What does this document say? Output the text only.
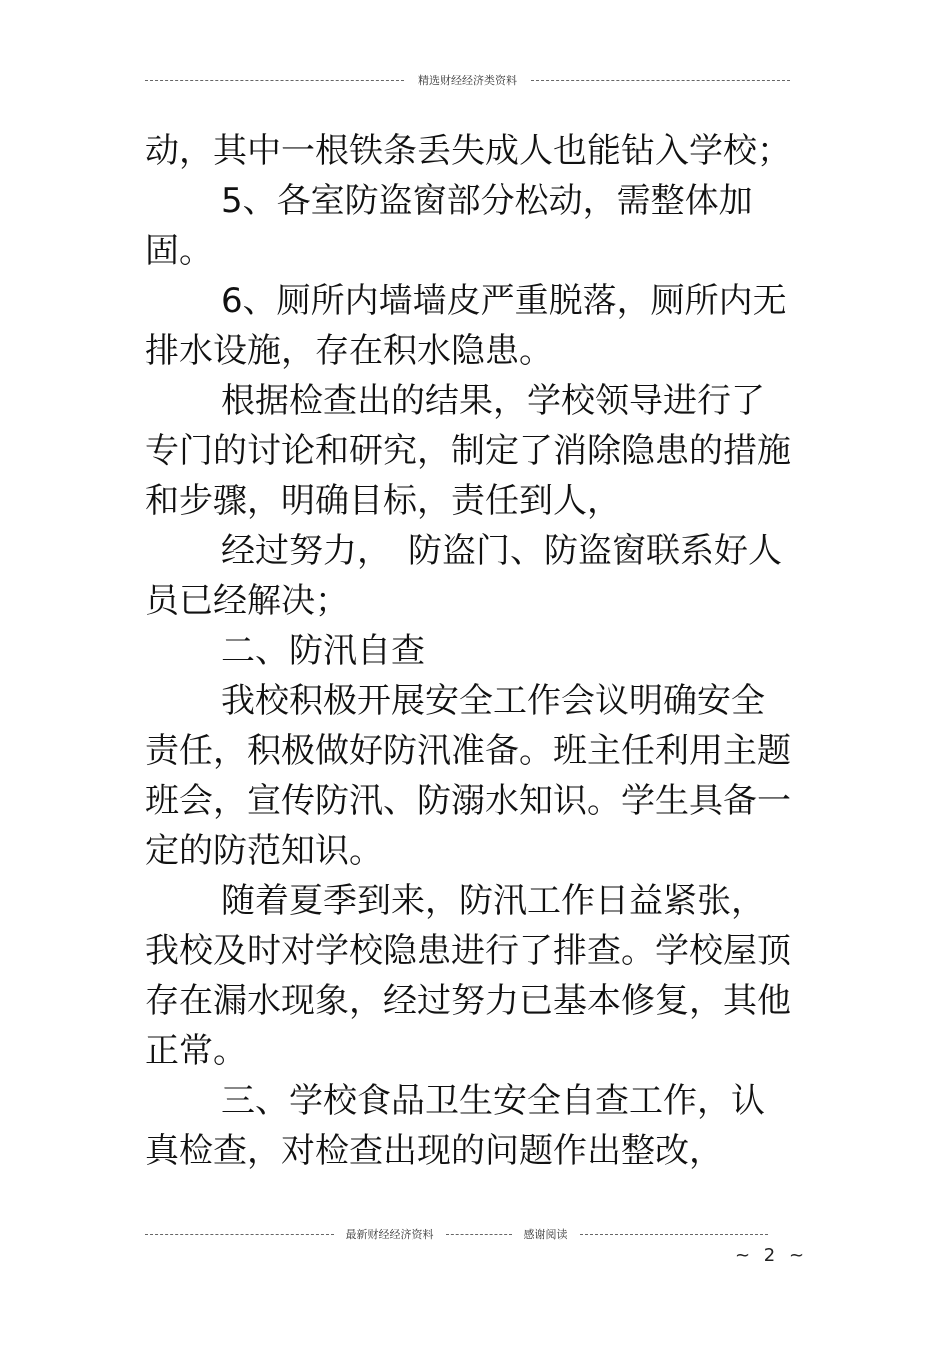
精选财经经济类资料

动，其中一根铁条丢失成人也能钻入学校；

5、各室防盗窗部分松动，需整体加固。

6、厕所内墙墙皮严重脱落，厕所内无排水设施，存在积水隐患。

根据检查出的结果，学校领导进行了专门的讨论和研究，制定了消除隐患的措施和步骤，明确目标，责任到人，

经过努力，　防盗门、防盗窗联系好人员已经解决；

二、防汛自查

我校积极开展安全工作会议明确安全责任，积极做好防汛准备。班主任利用主题班会，宣传防汛、防溺水知识。学生具备一定的防范知识。

随着夏季到来，防汛工作日益紧张，我校及时对学校隐患进行了排查。学校屋顶存在漏水现象，经过努力已基本修复，其他正常。

三、学校食品卫生安全自查工作，认真检查，对检查出现的问题作出整改，

最新财经经济资料	感谢阅读
~ 2 ~
